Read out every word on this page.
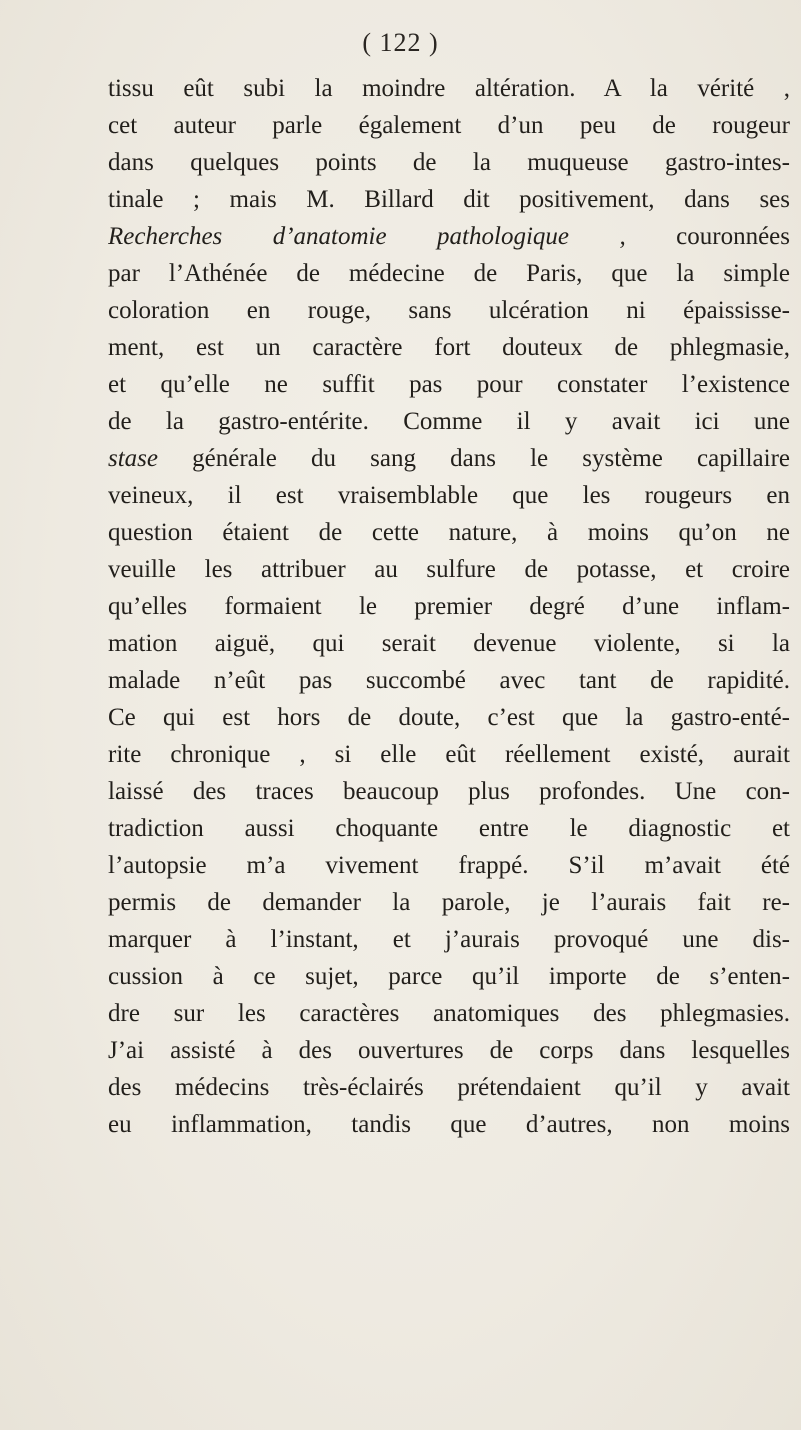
( 122 )
tissu eût subi la moindre altération. A la vérité ,
cet auteur parle également d’un peu de rougeur
dans quelques points de la muqueuse gastro-intes-
tinale ; mais M. Billard dit positivement, dans ses
Recherches d’anatomie pathologique , couronnées
par l’Athénée de médecine de Paris, que la simple
coloration en rouge, sans ulcération ni épaississe-
ment, est un caractère fort douteux de phlegmasie,
et qu’elle ne suffit pas pour constater l’existence
de la gastro-entérite. Comme il y avait ici une
stase générale du sang dans le système capillaire
veineux, il est vraisemblable que les rougeurs en
question étaient de cette nature, à moins qu’on ne
veuille les attribuer au sulfure de potasse, et croire
qu’elles formaient le premier degré d’une inflam-
mation aiguë, qui serait devenue violente, si la
malade n’eût pas succombé avec tant de rapidité.
Ce qui est hors de doute, c’est que la gastro-enté-
rite chronique , si elle eût réellement existé, aurait
laissé des traces beaucoup plus profondes. Une con-
tradiction aussi choquante entre le diagnostic et
l’autopsie m’a vivement frappé. S’il m’avait été
permis de demander la parole, je l’aurais fait re-
marquer à l’instant, et j’aurais provoqué une dis-
cussion à ce sujet, parce qu’il importe de s’enten-
dre sur les caractères anatomiques des phlegmasies.
J’ai assisté à des ouvertures de corps dans lesquelles
des médecins très-éclairés prétendaient qu’il y avait
eu inflammation, tandis que d’autres, non moins
